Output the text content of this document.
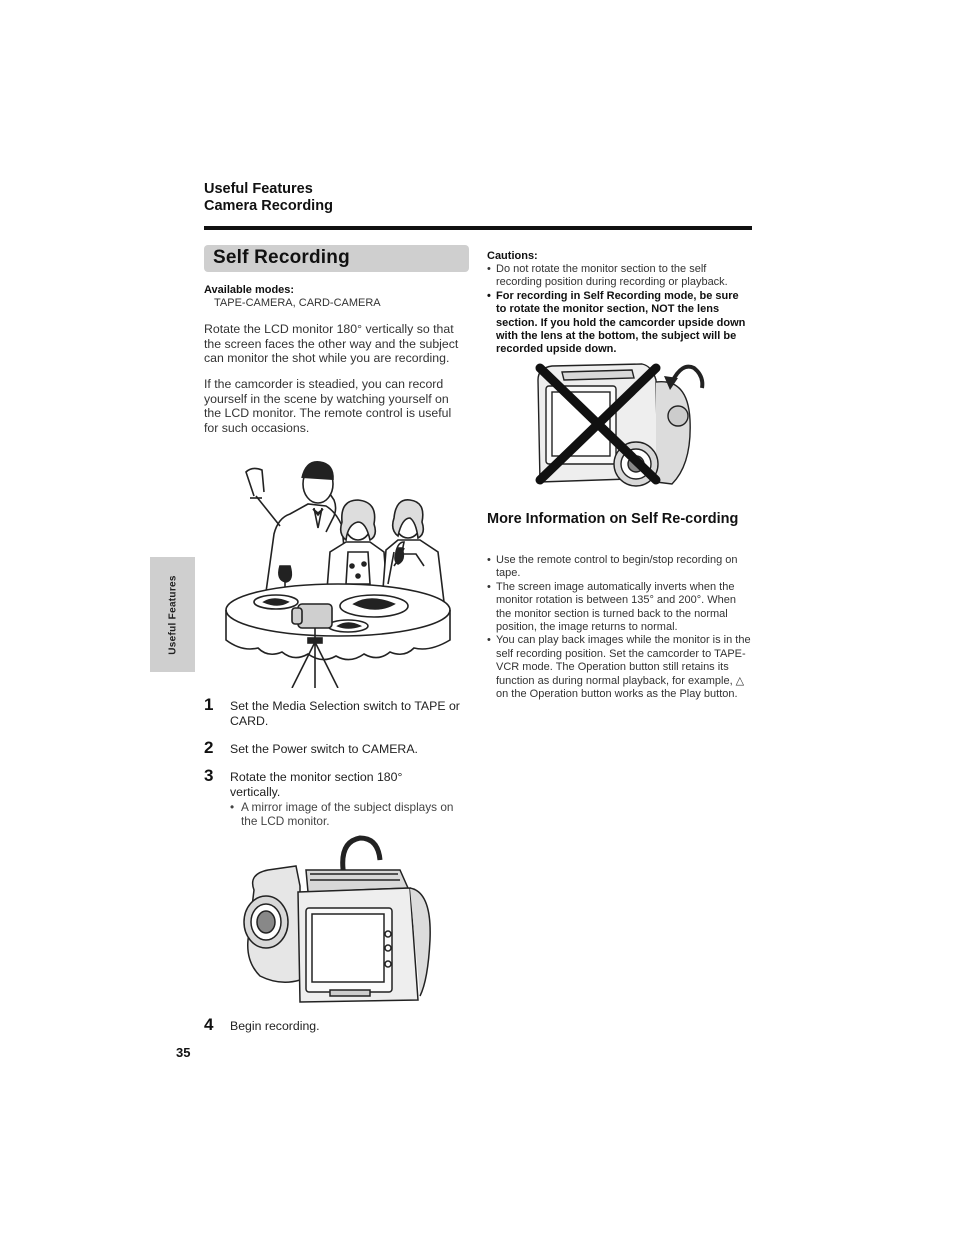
Useful Features
Camera Recording
Self Recording
Available modes:
TAPE-CAMERA, CARD-CAMERA
Rotate the LCD monitor 180° vertically so that the screen faces the other way and the subject can monitor the shot while you are recording.
If the camcorder is steadied, you can record yourself in the scene by watching yourself on the LCD monitor. The remote control is useful for such occasions.
1 Set the Media Selection switch to TAPE or CARD.
2 Set the Power switch to CAMERA.
3 Rotate the monitor section 180° vertically.
• A mirror image of the subject displays on the LCD monitor.
4 Begin recording.
Useful Features
35
Cautions:
• Do not rotate the monitor section to the self recording position during recording or playback.
• For recording in Self Recording mode, be sure to rotate the monitor section, NOT the lens section. If you hold the camcorder upside down with the lens at the bottom, the subject will be recorded upside down.
More Information on Self Re-cording
• Use the remote control to begin/stop recording on tape.
• The screen image automatically inverts when the monitor rotation is between 135° and 200°. When the monitor section is turned back to the normal position, the image returns to normal.
• You can play back images while the monitor is in the self recording position. Set the camcorder to TAPE-VCR mode. The Operation button still retains its function as during normal playback, for example, △ on the Operation button works as the Play button.
